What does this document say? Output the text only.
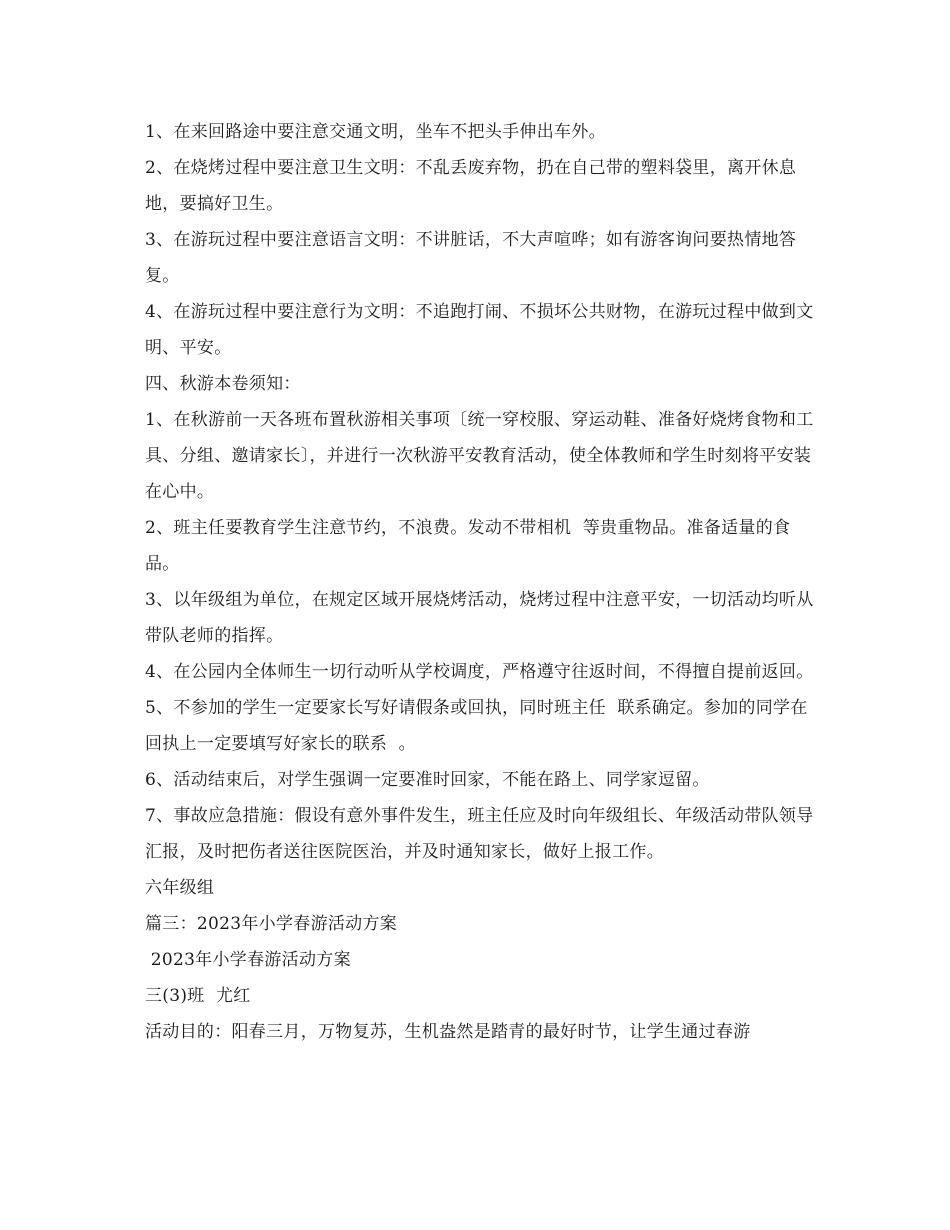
1、在来回路途中要注意交通文明，坐车不把头手伸出车外。

2、在烧烤过程中要注意卫生文明：不乱丢废弃物，扔在自己带的塑料袋里，离开休息地，要搞好卫生。

3、在游玩过程中要注意语言文明：不讲脏话，不大声喧哗；如有游客询问要热情地答复。

4、在游玩过程中要注意行为文明：不追跑打闹、不损坏公共财物，在游玩过程中做到文明、平安。

四、秋游本卷须知：

1、在秋游前一天各班布置秋游相关事项〔统一穿校服、穿运动鞋、准备好烧烤食物和工具、分组、邀请家长〕，并进行一次秋游平安教育活动，使全体教师和学生时刻将平安装在心中。

2、班主任要教育学生注意节约，不浪费。发动不带相机  等贵重物品。准备适量的食品。

3、以年级组为单位，在规定区域开展烧烤活动，烧烤过程中注意平安，一切活动均听从带队老师的指挥。

4、在公园内全体师生一切行动听从学校调度，严格遵守往返时间，不得擅自提前返回。

5、不参加的学生一定要家长写好请假条或回执，同时班主任  联系确定。参加的同学在回执上一定要填写好家长的联系  。

6、活动结束后，对学生强调一定要准时回家，不能在路上、同学家逗留。

7、事故应急措施：假设有意外事件发生，班主任应及时向年级组长、年级活动带队领导汇报，及时把伤者送往医院医治，并及时通知家长，做好上报工作。

六年级组

篇三：2023年小学春游活动方案

2023年小学春游活动方案

三(3)班  尤红

活动目的：阳春三月，万物复苏，生机盎然是踏青的最好时节，让学生通过春游
